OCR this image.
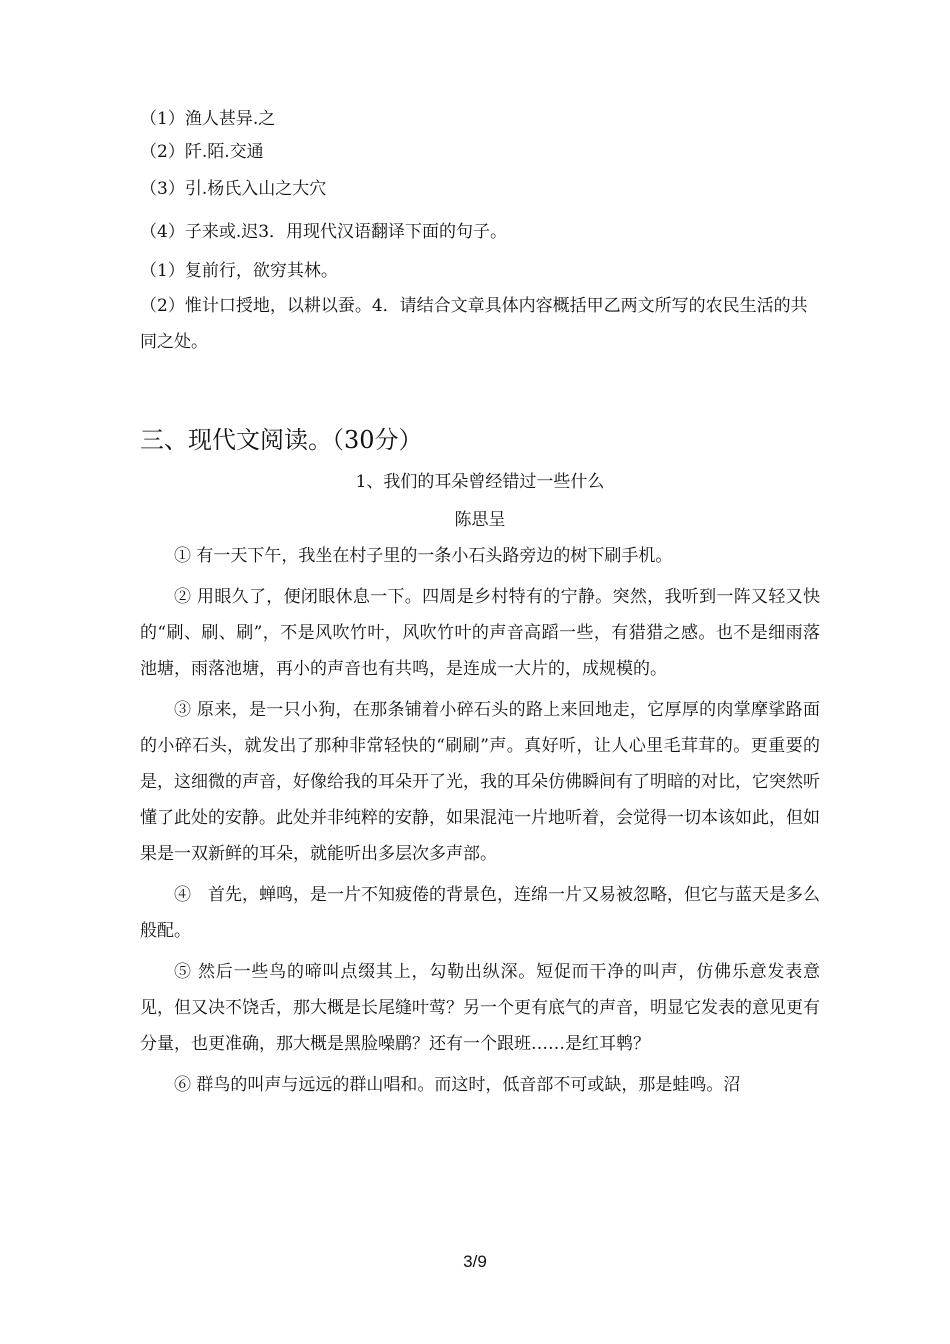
（1）渔人甚异.之
（2）阡.陌.交通
（3）引.杨氏入山之大穴
（4）子来或.迟3．用现代汉语翻译下面的句子。
（1）复前行，欲穷其林。
（2）惟计口授地，以耕以蚕。4．请结合文章具体内容概括甲乙两文所写的农民生活的共同之处。
三、现代文阅读。（30分）
1、我们的耳朵曾经错过一些什么
陈思呈

① 有一天下午，我坐在村子里的一条小石头路旁边的树下刷手机。

② 用眼久了，便闭眼休息一下。四周是乡村特有的宁静。突然，我听到一阵又轻又快的“刷、刷、刷”，不是风吹竹叶，风吹竹叶的声音高蹈一些，有猎猎之感。也不是细雨落池塘，雨落池塘，再小的声音也有共鸣，是连成一大片的，成规模的。

③ 原来，是一只小狗，在那条铺着小碎石头的路上来回地走，它厚厚的肉掌摩挲路面的小碎石头，就发出了那种非常轻快的“刷刷”声。真好听，让人心里毛茸茸的。更重要的是，这细微的声音，好像给我的耳朵开了光，我的耳朵仿佛瞬间有了明暗的对比，它突然听懂了此处的安静。此处并非纯粹的安静，如果混沌一片地听着，会觉得一切本该如此，但如果是一双新鲜的耳朵，就能听出多层次多声部。

④　首先，蝉鸣，是一片不知疲倦的背景色，连绵一片又易被忽略，但它与蓝天是多么般配。

⑤ 然后一些鸟的啼叫点缀其上，勾勒出纵深。短促而干净的叫声，仿佛乐意发表意见，但又决不饶舌，那大概是长尾缝叶莺？另一个更有底气的声音，明显它发表的意见更有分量，也更准确，那大概是黑脸噪鹛？还有一个跟班……是红耳鹎？

⑥ 群鸟的叫声与远远的群山唱和。而这时，低音部不可或缺，那是蛙鸣。沼

3/9
